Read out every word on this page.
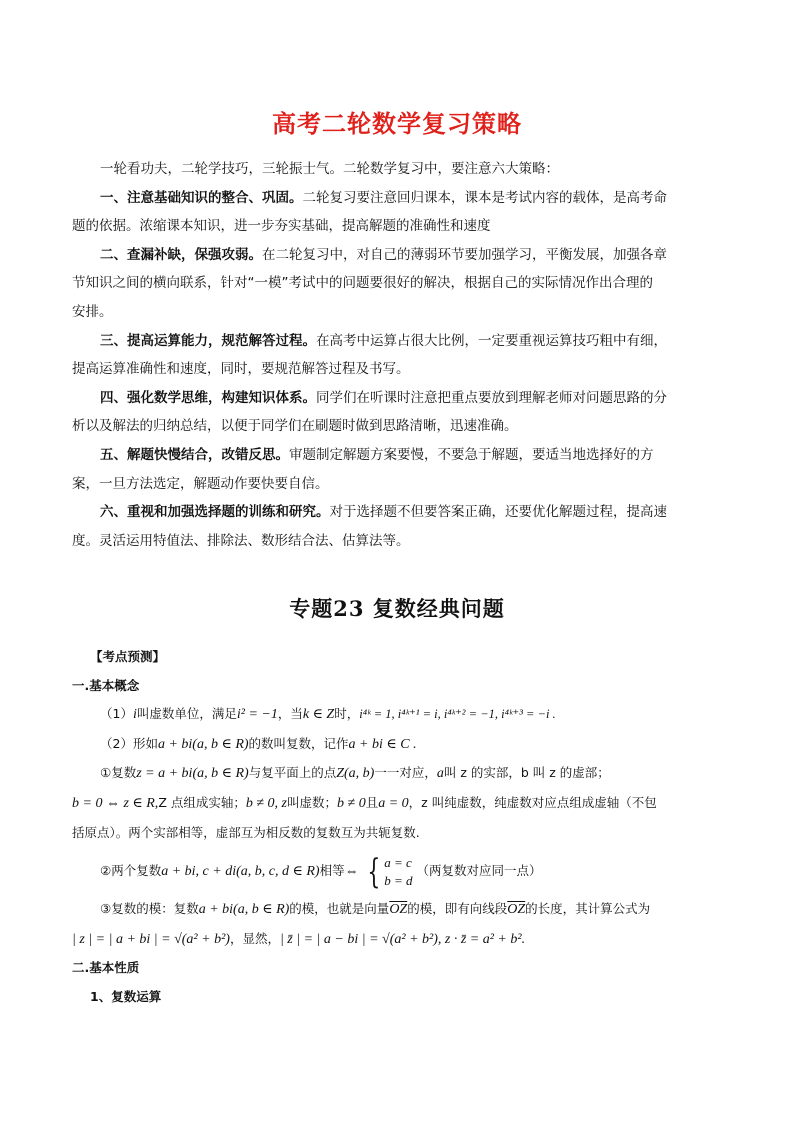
高考二轮数学复习策略
一轮看功夫，二轮学技巧，三轮振士气。二轮数学复习中，要注意六大策略：
一、注意基础知识的整合、巩固。二轮复习要注意回归课本，课本是考试内容的载体，是高考命
题的依据。浓缩课本知识，进一步夯实基础，提高解题的准确性和速度
二、查漏补缺，保强攻弱。在二轮复习中，对自己的薄弱环节要加强学习，平衡发展，加强各章
节知识之间的横向联系，针对“一模”考试中的问题要很好的解决，根据自己的实际情况作出合理的
安排。
三、提高运算能力，规范解答过程。在高考中运算占很大比例，一定要重视运算技巧粗中有细，
提高运算准确性和速度，同时，要规范解答过程及书写。
四、强化数学思维，构建知识体系。同学们在听课时注意把重点要放到理解老师对问题思路的分
析以及解法的归纳总结，以便于同学们在刷题时做到思路清晰，迅速准确。
五、解题快慢结合，改错反思。审题制定解题方案要慢，不要急于解题，要适当地选择好的方
案，一旦方法选定，解题动作要快要自信。
六、重视和加强选择题的训练和研究。对于选择题不但要答案正确，还要优化解题过程，提高速
度。灵活运用特值法、排除法、数形结合法、估算法等。
专题23 复数经典问题
【考点预测】
一.基本概念
（1）i叫虚数单位，满足i² = −1，当k ∈ Z时，i⁴ᵏ = 1, i⁴ᵏ⁺¹ = i, i⁴ᵏ⁺² = −1, i⁴ᵏ⁺³ = −i .
（2）形如a + bi(a, b ∈ R)的数叫复数，记作a + bi ∈ C .
①复数z = a + bi(a, b ∈ R)与复平面上的点Z(a, b)一一对应，a叫 z 的实部，b 叫 z 的虚部；
b = 0 ⇔ z ∈ R,Z 点组成实轴；b ≠ 0, z叫虚数；b ≠ 0且a = 0，z 叫纯虚数，纯虚数对应点组成虚轴（不包
括原点）。两个实部相等，虚部互为相反数的复数互为共轭复数.
②两个复数a + bi, c + di(a, b, c, d ∈ R)相等⇔ { a = c
b = d
（两复数对应同一点）
③复数的模：复数a + bi(a, b ∈ R)的模，也就是向量$\overline{OZ}$的模，即有向线段$\overline{OZ}$的长度，其计算公式为
| z | = | a + bi | = √(a² + b²)，显然，| z̄ | = | a − bi | = √(a² + b²), z · z̄ = a² + b².
二.基本性质
1、复数运算
